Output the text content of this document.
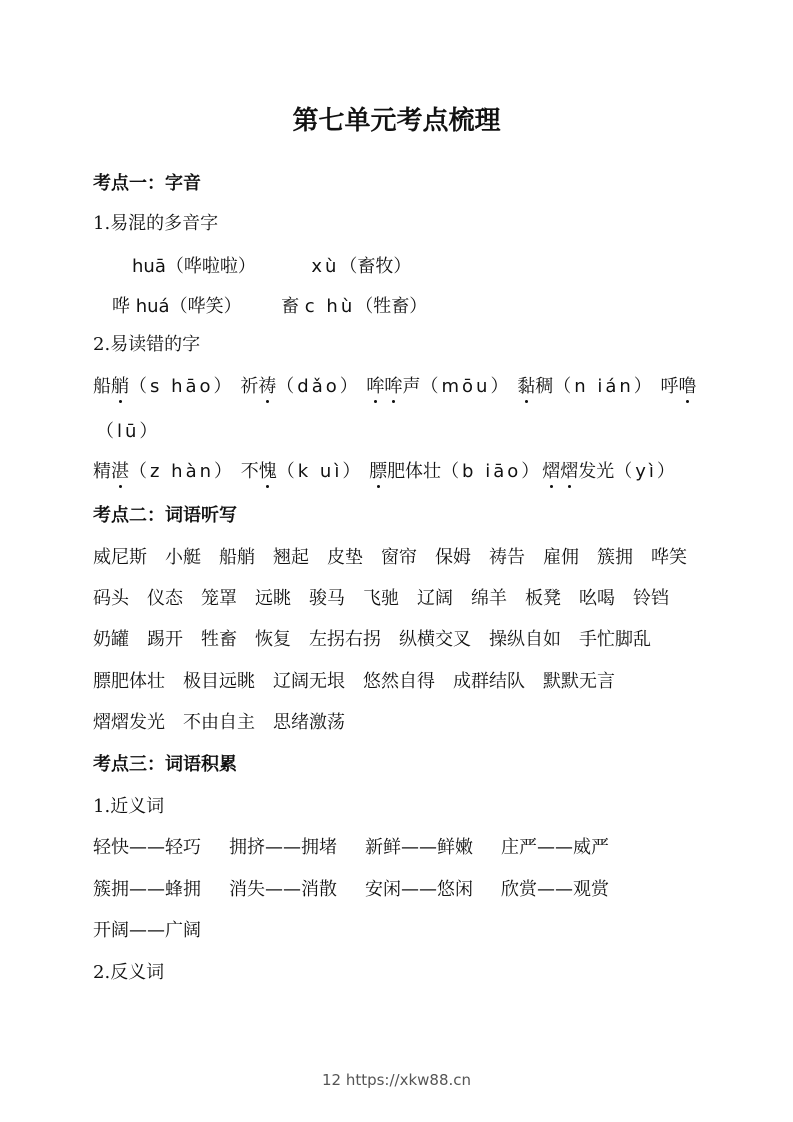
第七单元考点梳理
考点一：字音
1.易混的多音字
huā（哗啦啦）	xù（畜牧）
哗 huá（哗笑） 畜 c hù（牲畜）
2.易读错的字
船艄（s hāo） 祈祷（dǎo） 哞哞声（mōu） 黏稠（n ián） 呼噜
（lū）
精湛（z hàn） 不愧（k uì） 膘肥体壮（b iāo）熠熠发光（yì）
考点二：词语听写
威尼斯 小艇 船艄 翘起 皮垫 窗帘 保姆 祷告 雇佣 簇拥 哗笑
码头 仪态 笼罩 远眺 骏马 飞驰 辽阔 绵羊 板凳 吆喝 铃铛
奶罐 踢开 牲畜 恢复 左拐右拐 纵横交叉 操纵自如 手忙脚乱
膘肥体壮 极目远眺 辽阔无垠 悠然自得 成群结队 默默无言
熠熠发光 不由自主 思绪激荡
考点三：词语积累
1.近义词
轻快——轻巧 拥挤——拥堵 新鲜——鲜嫩 庄严——威严
簇拥——蜂拥 消失——消散 安闲——悠闲 欣赏——观赏
开阔——广阔
2.反义词
12 https://xkw88.cn
